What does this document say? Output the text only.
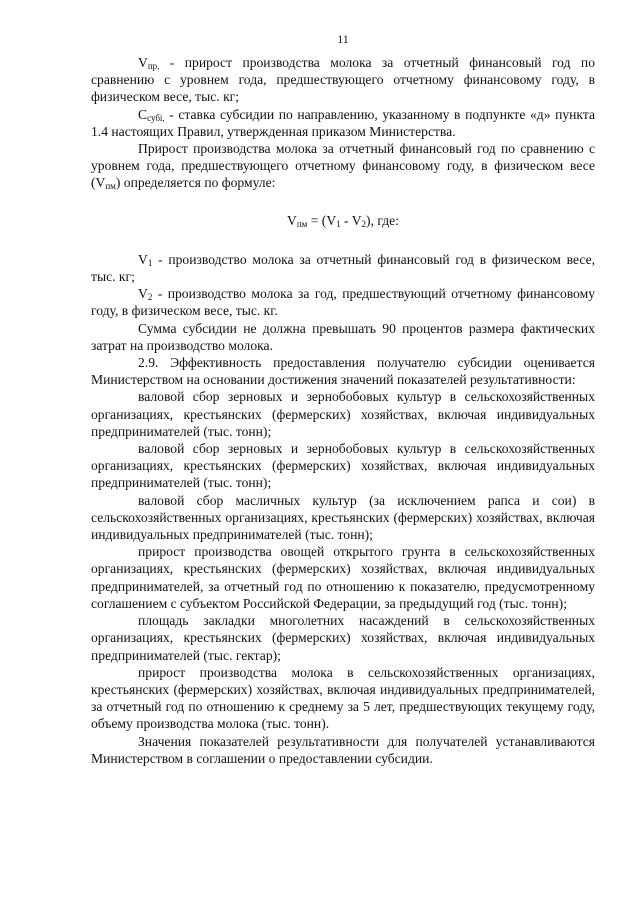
11

$V_{пр,}$ - прирост производства молока за отчетный финансовый год по сравнению с уровнем года, предшествующего отчетному финансовому году, в физическом весе, тыс. кг;

$C_{субi,}$ - ставка субсидии по направлению, указанному в подпункте «д» пункта 1.4 настоящих Правил, утвержденная приказом Министерства.

Прирост производства молока за отчетный финансовый год по сравнению с уровнем года, предшествующего отчетному финансовому году, в физическом весе $(V_{пм})$ определяется по формуле:

$V_{пм} = (V_1 - V_2)$, где:

$V_1$ - производство молока за отчетный финансовый год в физическом весе, тыс. кг;

$V_2$ - производство молока за год, предшествующий отчетному финансовому году, в физическом весе, тыс. кг.

Сумма субсидии не должна превышать 90 процентов размера фактических затрат на производство молока.

2.9. Эффективность предоставления получателю субсидии оценивается Министерством на основании достижения значений показателей результативности:

валовой сбор зерновых и зернобобовых культур в сельскохозяйственных организациях, крестьянских (фермерских) хозяйствах, включая индивидуальных предпринимателей (тыс. тонн);

валовой сбор зерновых и зернобобовых культур в сельскохозяйственных организациях, крестьянских (фермерских) хозяйствах, включая индивидуальных предпринимателей (тыс. тонн);

валовой сбор масличных культур (за исключением рапса и сои) в сельскохозяйственных организациях, крестьянских (фермерских) хозяйствах, включая индивидуальных предпринимателей (тыс. тонн);

прирост производства овощей открытого грунта в сельскохозяйственных организациях, крестьянских (фермерских) хозяйствах, включая индивидуальных предпринимателей, за отчетный год по отношению к показателю, предусмотренному соглашением с субъектом Российской Федерации, за предыдущий год (тыс. тонн);

площадь закладки многолетних насаждений в сельскохозяйственных организациях, крестьянских (фермерских) хозяйствах, включая индивидуальных предпринимателей (тыс. гектар);

прирост производства молока в сельскохозяйственных организациях, крестьянских (фермерских) хозяйствах, включая индивидуальных предпринимателей, за отчетный год по отношению к среднему за 5 лет, предшествующих текущему году, объему производства молока (тыс. тонн).

Значения показателей результативности для получателей устанавливаются Министерством в соглашении о предоставлении субсидии.
